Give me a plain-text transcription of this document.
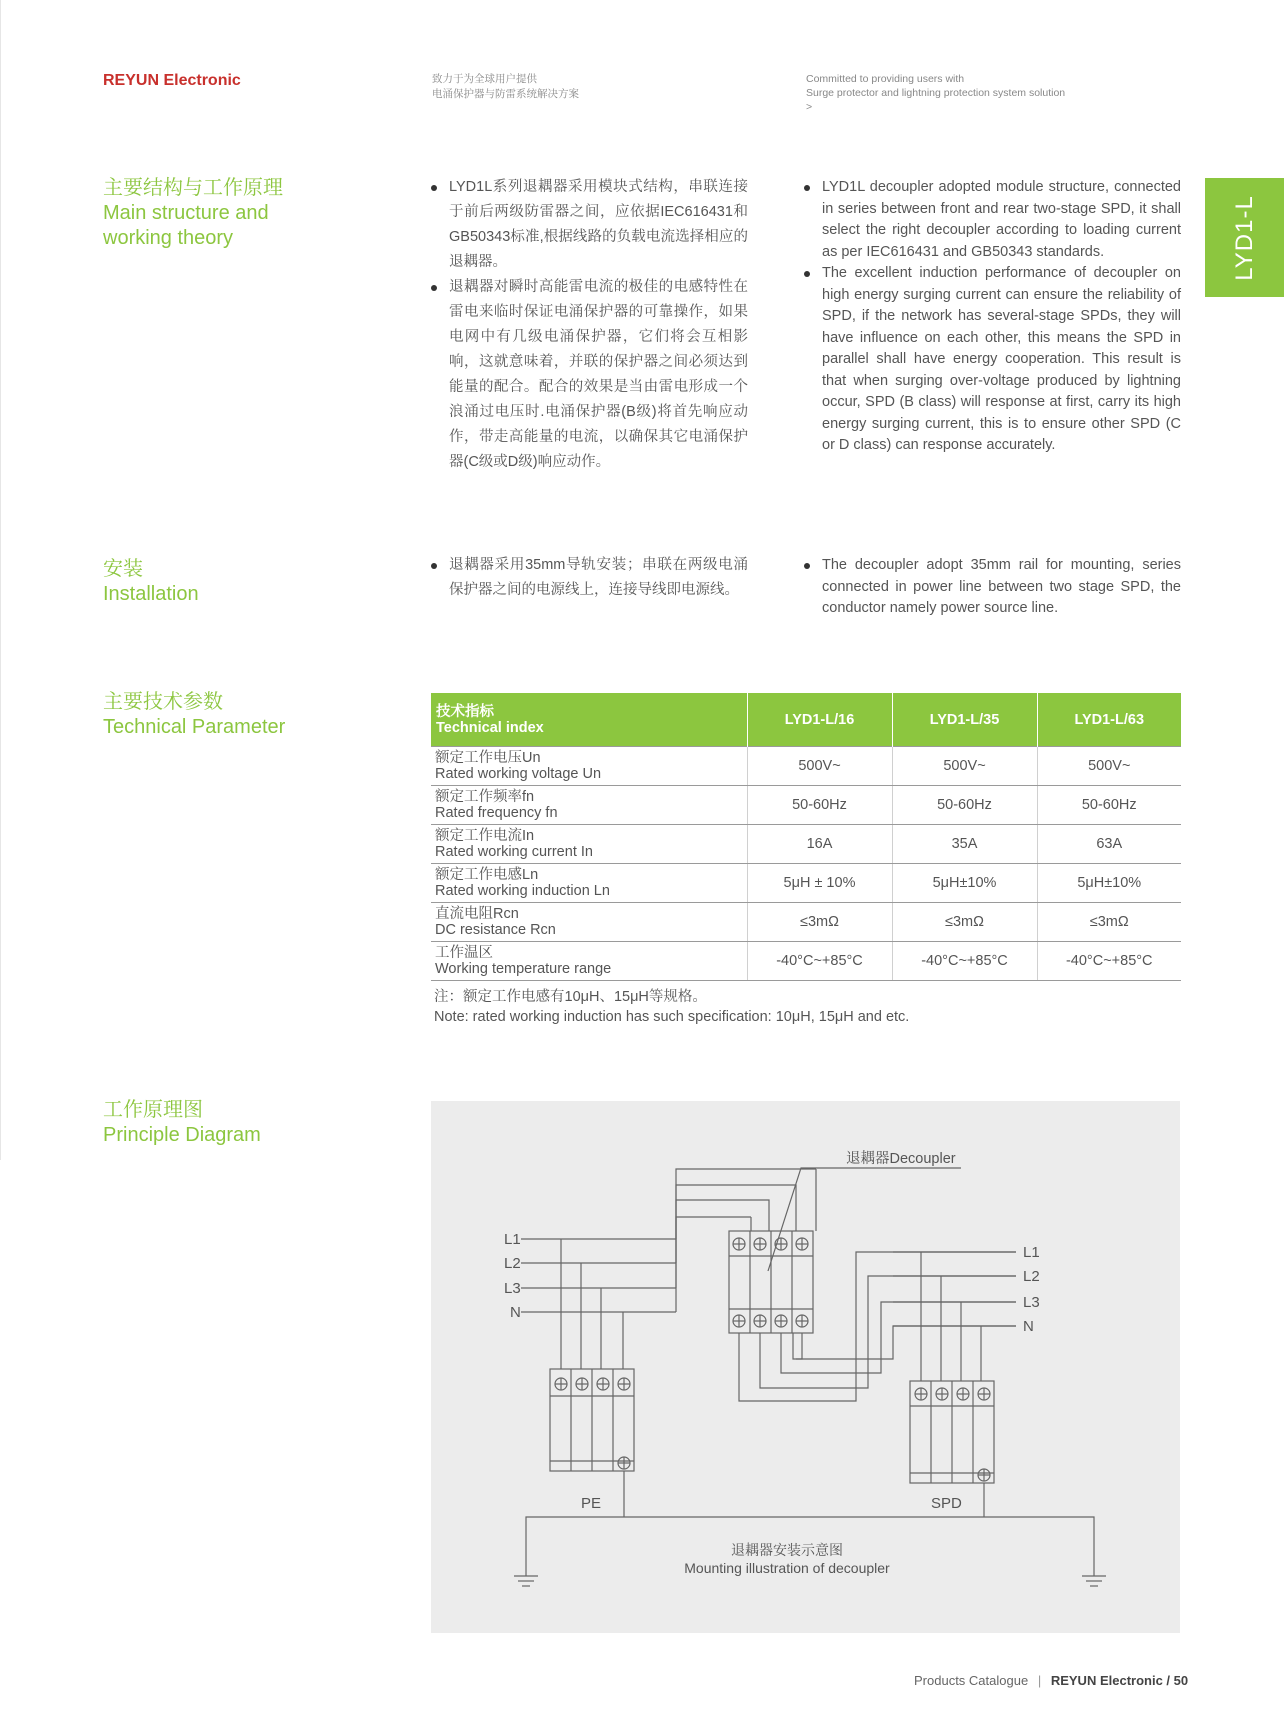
REYUN Electronic	致力于为全球用户提供
电涌保护器与防雷系统解决方案
Committed to providing users with
Surge protector and lightning protection system solution
>
LYD1-L
主要结构与工作原理
Main structure and
working theory
LYD1L系列退耦器采用模块式结构，串联连接于前后两级防雷器之间，应依据IEC616431和GB50343标准,根据线路的负载电流选择相应的退耦器。
退耦器对瞬时高能雷电流的极佳的电感特性在雷电来临时保证电涌保护器的可靠操作，如果电网中有几级电涌保护器，它们将会互相影响，这就意味着，并联的保护器之间必须达到能量的配合。配合的效果是当由雷电形成一个浪涌过电压时.电涌保护器(B级)将首先响应动作，带走高能量的电流，以确保其它电涌保护器(C级或D级)响应动作。
LYD1L decoupler adopted module structure, connected in series between front and rear two-stage SPD, it shall select the right decoupler according to loading current as per IEC616431 and GB50343 standards.
The excellent induction performance of decoupler on high energy surging current can ensure the reliability of SPD, if the network has several-stage SPDs, they will have influence on each other, this means the SPD in parallel shall have energy cooperation. This result is that when surging over-voltage produced by lightning occur, SPD (B class) will response at first, carry its high energy surging current, this is to ensure other SPD (C or D class) can response accurately.
安装
Installation
退耦器采用35mm导轨安装；串联在两级电涌保护器之间的电源线上，连接导线即电源线。
The decoupler adopt 35mm rail for mounting, series connected in power line between two stage SPD, the conductor namely power source line.
主要技术参数
Technical Parameter
技术指标
Technical index	LYD1-L/16	LYD1-L/35	LYD1-L/63

额定工作电压Un
Rated working voltage Un	500V~	500V~	500V~

额定工作频率fn
Rated frequency fn	50-60Hz	50-60Hz	50-60Hz

额定工作电流In
Rated working current In	16A	35A	63A

额定工作电感Ln
Rated working induction Ln	5μH ± 10%	5μH±10%	5μH±10%

直流电阻Rcn
DC resistance Rcn	≤3mΩ	≤3mΩ	≤3mΩ

工作温区
Working temperature range	-40°C~+85°C	-40°C~+85°C	-40°C~+85°C
注：额定工作电感有10μH、15μH等规格。
Note: rated working induction has such specification: 10μH, 15μH and etc.
工作原理图
Principle Diagram
L1
L2
L3
N
PE
退耦器Decoupler
L1
L2
L3
N
SPD
退耦器安装示意图
Mounting illustration of decoupler
Products Catalogue | REYUN Electronic / 50
